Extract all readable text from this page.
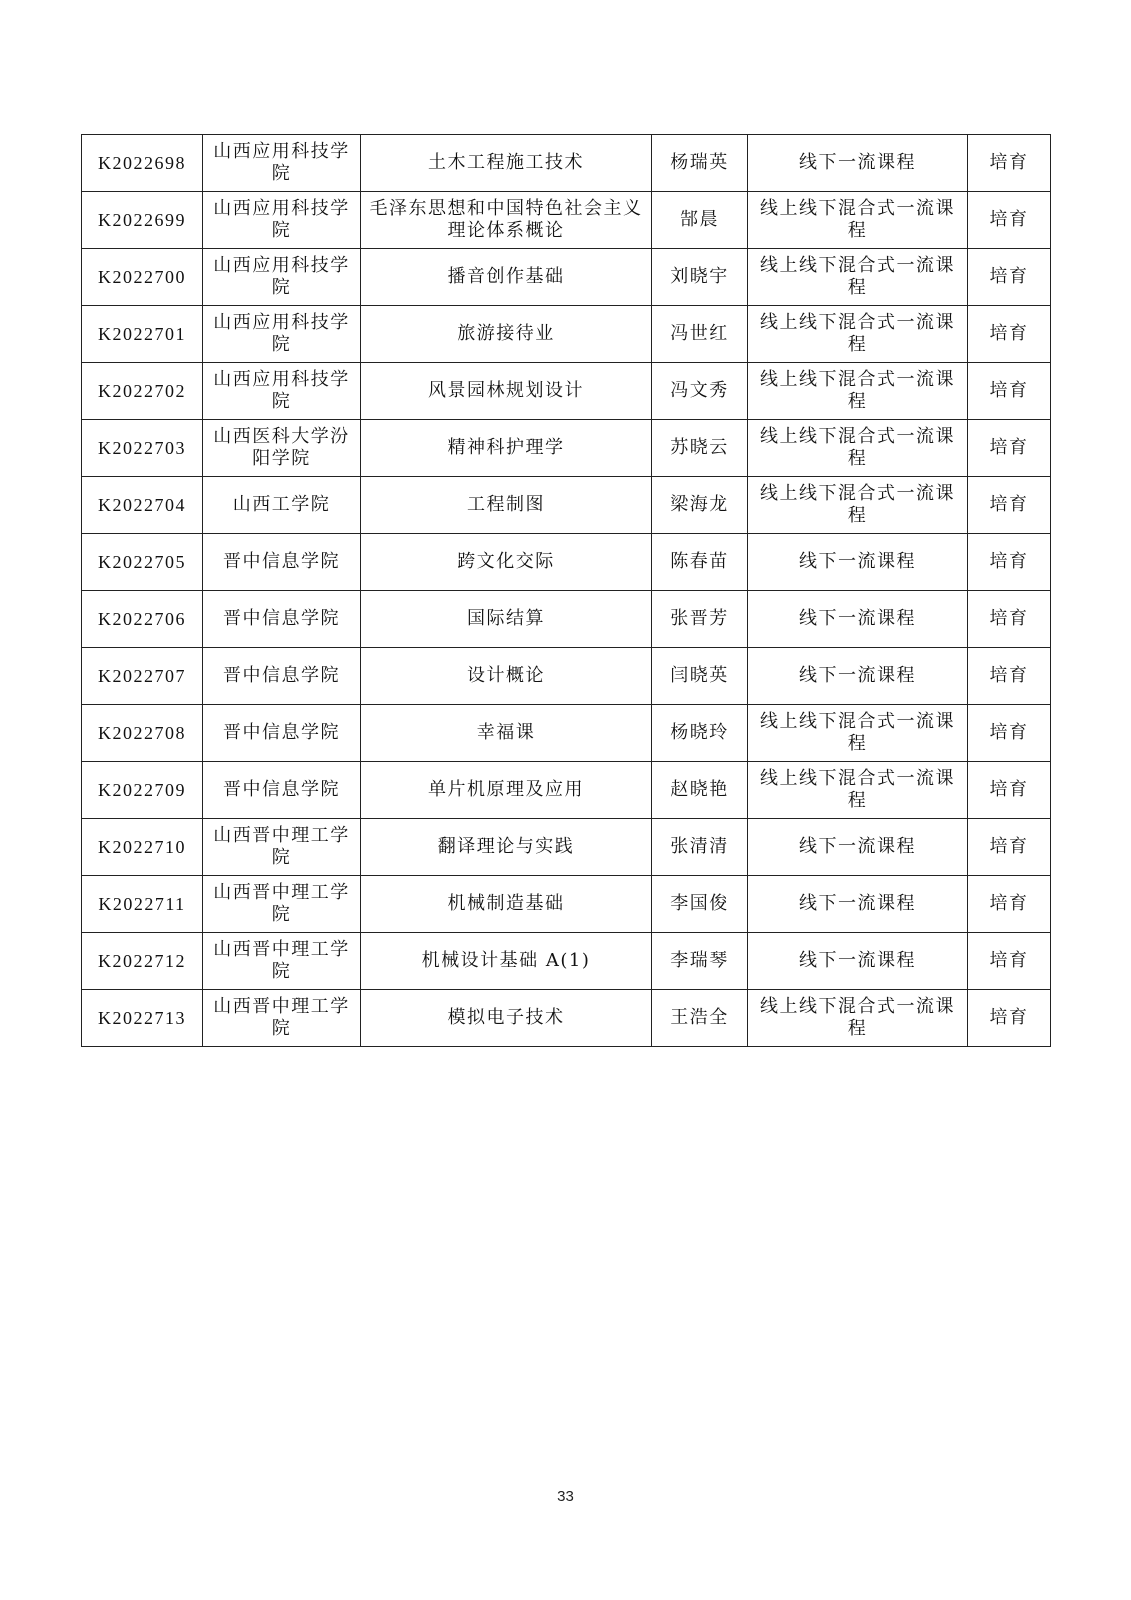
K2022698	山西应用科技学院	土木工程施工技术	杨瑞英	线下一流课程	培育
K2022699	山西应用科技学院	毛泽东思想和中国特色社会主义理论体系概论	郜晨	线上线下混合式一流课程	培育
K2022700	山西应用科技学院	播音创作基础	刘晓宇	线上线下混合式一流课程	培育
K2022701	山西应用科技学院	旅游接待业	冯世红	线上线下混合式一流课程	培育
K2022702	山西应用科技学院	风景园林规划设计	冯文秀	线上线下混合式一流课程	培育
K2022703	山西医科大学汾阳学院	精神科护理学	苏晓云	线上线下混合式一流课程	培育
K2022704	山西工学院	工程制图	梁海龙	线上线下混合式一流课程	培育
K2022705	晋中信息学院	跨文化交际	陈春苗	线下一流课程	培育
K2022706	晋中信息学院	国际结算	张晋芳	线下一流课程	培育
K2022707	晋中信息学院	设计概论	闫晓英	线下一流课程	培育
K2022708	晋中信息学院	幸福课	杨晓玲	线上线下混合式一流课程	培育
K2022709	晋中信息学院	单片机原理及应用	赵晓艳	线上线下混合式一流课程	培育
K2022710	山西晋中理工学院	翻译理论与实践	张清清	线下一流课程	培育
K2022711	山西晋中理工学院	机械制造基础	李国俊	线下一流课程	培育
K2022712	山西晋中理工学院	机械设计基础 A(1)	李瑞琴	线下一流课程	培育
K2022713	山西晋中理工学院	模拟电子技术	王浩全	线上线下混合式一流课程	培育
33
